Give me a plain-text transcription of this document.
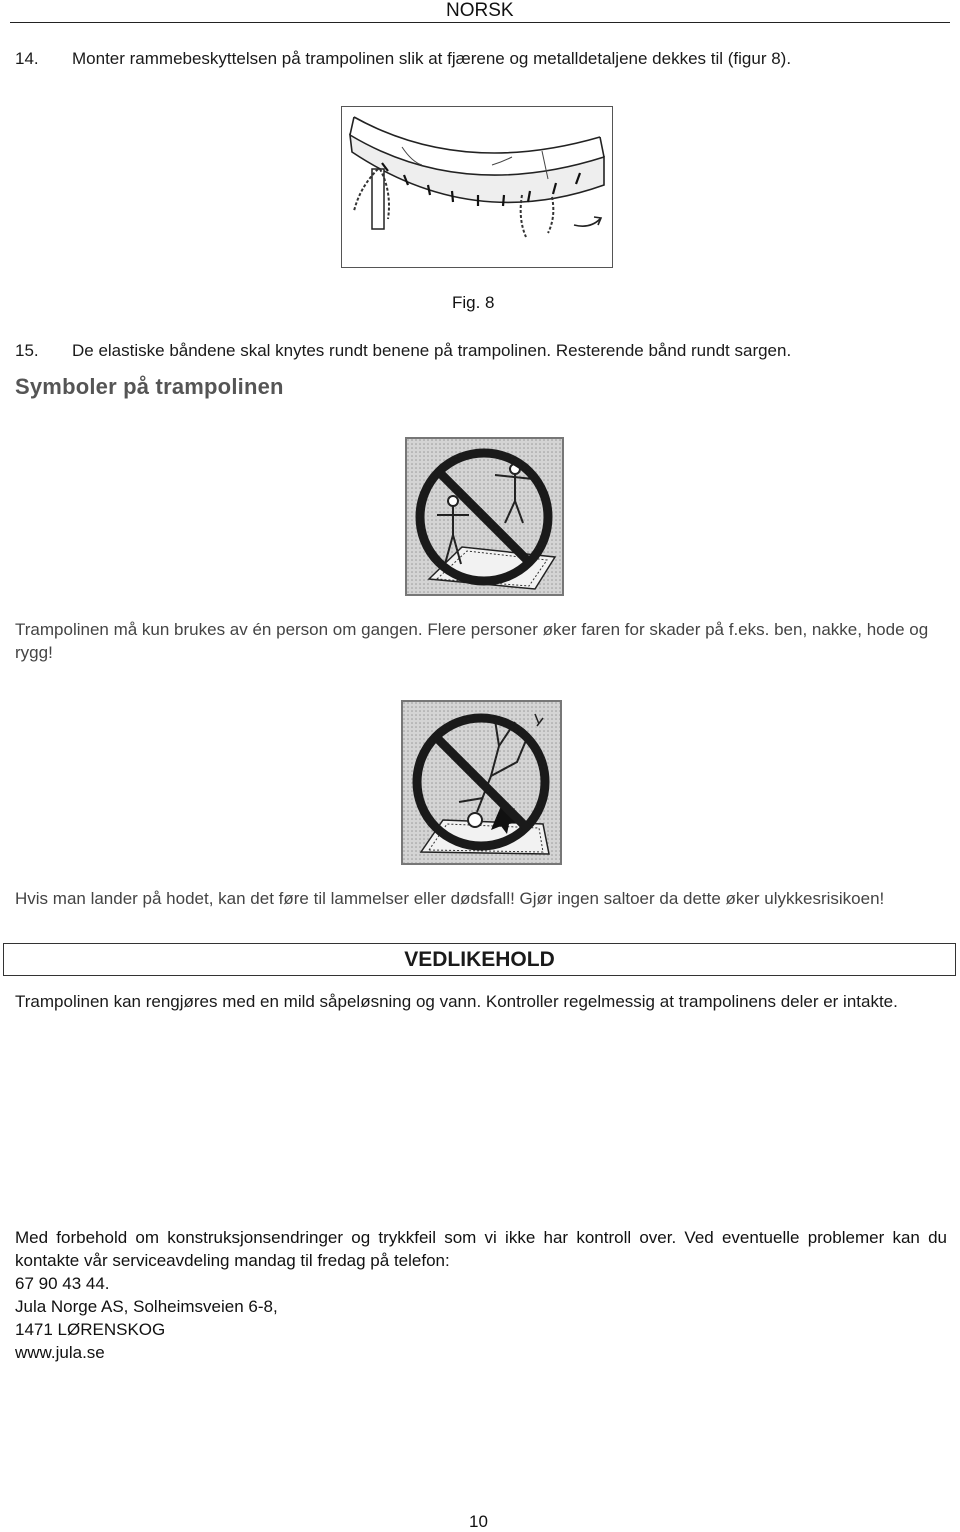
NORSK
14. Monter rammebeskyttelsen på trampolinen slik at fjærene og metalldetaljene dekkes til (figur 8).
Fig. 8
15. De elastiske båndene skal knytes rundt benene på trampolinen. Resterende bånd rundt sargen.
Symboler på trampolinen
Trampolinen må kun brukes av én person om gangen. Flere personer øker faren for skader på f.eks. ben, nakke, hode og rygg!
Hvis man lander på hodet, kan det føre til lammelser eller dødsfall! Gjør ingen saltoer da dette øker ulykkesrisikoen!
VEDLIKEHOLD
Trampolinen kan rengjøres med en mild såpeløsning og vann. Kontroller regelmessig at trampolinens deler er intakte.
Med forbehold om konstruksjonsendringer og trykkfeil som vi ikke har kontroll over. Ved eventuelle problemer kan du kontakte vår serviceavdeling mandag til fredag på telefon:
67 90 43 44.
Jula Norge AS, Solheimsveien 6-8,
1471 LØRENSKOG
www.jula.se
10
